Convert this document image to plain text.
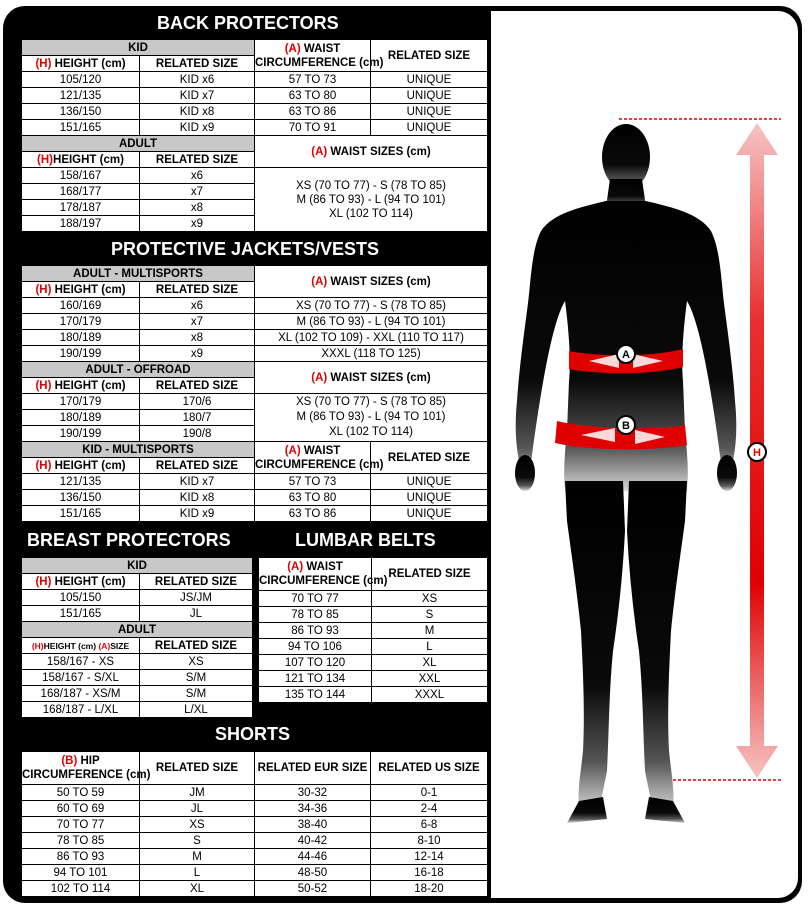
BACK PROTECTORS
KID		(A) WAIST
CIRCUMFERENCE (cm)	RELATED SIZE
(H) HEIGHT (cm)	RELATED SIZE		
105/120	KID x6	57 TO 73	UNIQUE
121/135	KID x7	63 TO 80	UNIQUE
136/150	KID x8	63 TO 86	UNIQUE
151/165	KID x9	70 TO 91	UNIQUE
ADULT		(A) WAIST SIZES (cm)	
(H)HEIGHT (cm)	RELATED SIZE		
158/167	x6	XS (70 TO 77) - S (78 TO 85)
M (86 TO 93) - L (94 TO 101)
XL (102 TO 114)	

168/177	x7		
178/187	x8		
188/197	x9		
PROTECTIVE JACKETS/VESTS
ADULT - MULTISPORTS		(A) WAIST SIZES (cm)	
(H) HEIGHT (cm)	RELATED SIZE		
160/169	x6	XS (70 TO 77) - S (78 TO 85)	
170/179	x7	M (86 TO 93) - L (94 TO 101)	
180/189	x8	XL (102 TO 109) - XXL (110 TO 117)	
190/199	x9	XXXL (118 TO 125)	
ADULT - OFFROAD		(A) WAIST SIZES (cm)	
(H) HEIGHT (cm)	RELATED SIZE		
170/179	170/6	XS (70 TO 77) - S (78 TO 85)
M (86 TO 93) - L (94 TO 101)
XL (102 TO 114)	

180/189	180/7		
190/199	190/8		
KID - MULTISPORTS		(A) WAIST
CIRCUMFERENCE (cm)	RELATED SIZE
(H) HEIGHT (cm)	RELATED SIZE		
121/135	KID x7	57 TO 73	UNIQUE
136/150	KID x8	63 TO 80	UNIQUE
151/165	KID x9	63 TO 86	UNIQUE
BREAST PROTECTORS
KID	
(H) HEIGHT (cm)	RELATED SIZE
105/150	JS/JM
151/165	JL
ADULT	
(H)HEIGHT (cm) (A)SIZE	RELATED SIZE
158/167 - XS	XS
158/167 - S/XL	S/M
168/187 - XS/M	S/M
168/187 - L/XL	L/XL
LUMBAR BELTS
(A) WAIST
CIRCUMFERENCE (cm)	RELATED SIZE
70 TO 77	XS
78 TO 85	S
86 TO 93	M
94 TO 106	L
107 TO 120	XL
121 TO 134	XXL
135 TO 144	XXXL
SHORTS
(B) HIP
CIRCUMFERENCE (cm)	RELATED SIZE	RELATED EUR SIZE	RELATED US SIZE
50 TO 59	JM	30-32	0-1
60 TO 69	JL	34-36	2-4
70 TO 77	XS	38-40	6-8
78 TO 85	S	40-42	8-10
86 TO 93	M	44-46	12-14
94 TO 101	L	48-50	16-18
102 TO 114	XL	50-52	18-20
A
B
H
